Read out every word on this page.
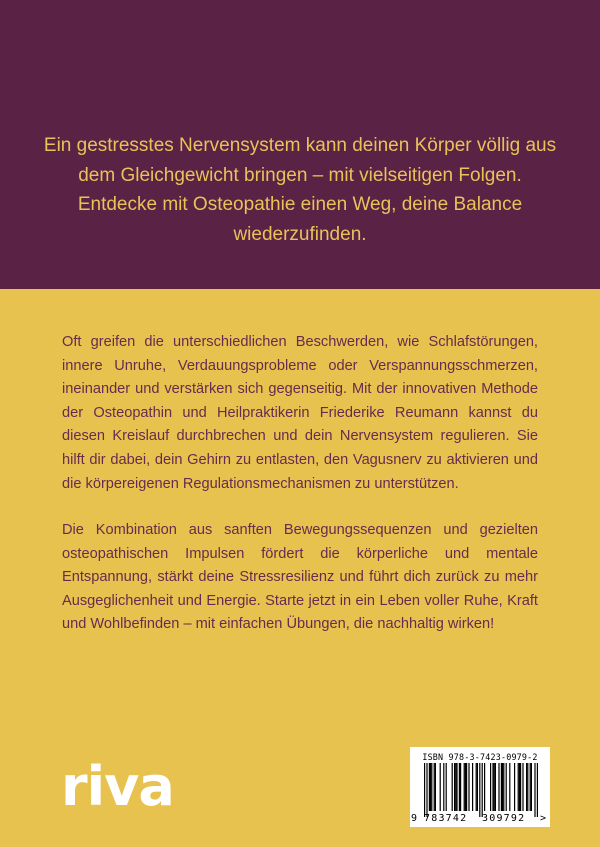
Ein gestresstes Nervensystem kann deinen Körper völlig aus dem Gleichgewicht bringen – mit vielseitigen Folgen. Entdecke mit Osteopathie einen Weg, deine Balance wiederzufinden.

Oft greifen die unterschiedlichen Beschwerden, wie Schlafstörungen, innere Unruhe, Verdauungsprobleme oder Verspannungsschmerzen, ineinander und verstärken sich gegenseitig. Mit der innovativen Methode der Osteopathin und Heilpraktikerin Friederike Reumann kannst du diesen Kreislauf durchbrechen und dein Nervensystem regulieren. Sie hilft dir dabei, dein Gehirn zu entlasten, den Vagusnerv zu aktivieren und die körpereigenen Regulationsmechanismen zu unterstützen.

Die Kombination aus sanften Bewegungssequenzen und gezielten osteopathischen Impulsen fördert die körperliche und mentale Entspannung, stärkt deine Stressresilienz und führt dich zurück zu mehr Ausgeglichenheit und Energie. Starte jetzt in ein Leben voller Ruhe, Kraft und Wohlbefinden – mit einfachen Übungen, die nachhaltig wirken!

riva	ISBN 978-3-7423-0979-2
9 783742 309792 >
